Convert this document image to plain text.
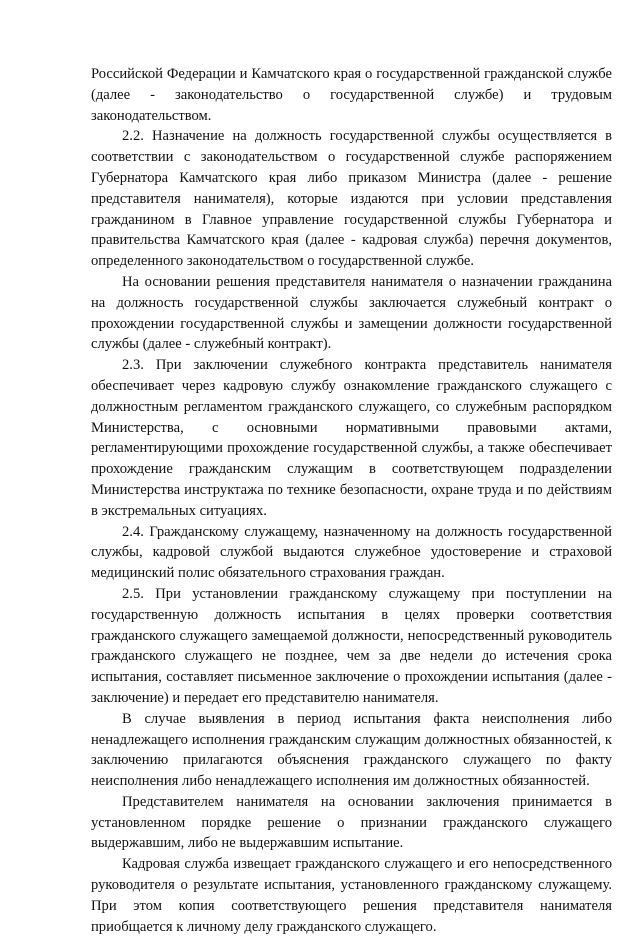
Российской Федерации и Камчатского края о государственной гражданской службе (далее - законодательство о государственной службе) и трудовым законодательством.

2.2. Назначение на должность государственной службы осуществляется в соответствии с законодательством о государственной службе распоряжением Губернатора Камчатского края либо приказом Министра (далее - решение представителя нанимателя), которые издаются при условии представления гражданином в Главное управление государственной службы Губернатора и правительства Камчатского края (далее - кадровая служба) перечня документов, определенного законодательством о государственной службе.

На основании решения представителя нанимателя о назначении гражданина на должность государственной службы заключается служебный контракт о прохождении государственной службы и замещении должности государственной службы (далее - служебный контракт).

2.3. При заключении служебного контракта представитель нанимателя обеспечивает через кадровую службу ознакомление гражданского служащего с должностным регламентом гражданского служащего, со служебным распорядком Министерства, с основными нормативными правовыми актами, регламентирующими прохождение государственной службы, а также обеспечивает прохождение гражданским служащим в соответствующем подразделении Министерства инструктажа по технике безопасности, охране труда и по действиям в экстремальных ситуациях.

2.4. Гражданскому служащему, назначенному на должность государственной службы, кадровой службой выдаются служебное удостоверение и страховой медицинский полис обязательного страхования граждан.

2.5. При установлении гражданскому служащему при поступлении на государственную должность испытания в целях проверки соответствия гражданского служащего замещаемой должности, непосредственный руководитель гражданского служащего не позднее, чем за две недели до истечения срока испытания, составляет письменное заключение о прохождении испытания (далее - заключение) и передает его представителю нанимателя.

В случае выявления в период испытания факта неисполнения либо ненадлежащего исполнения гражданским служащим должностных обязанностей, к заключению прилагаются объяснения гражданского служащего по факту неисполнения либо ненадлежащего исполнения им должностных обязанностей.

Представителем нанимателя на основании заключения принимается в установленном порядке решение о признании гражданского служащего выдержавшим, либо не выдержавшим испытание.

Кадровая служба извещает гражданского служащего и его непосредственного руководителя о результате испытания, установленного гражданскому служащему. При этом копия соответствующего решения представителя нанимателя приобщается к личному делу гражданского служащего.
